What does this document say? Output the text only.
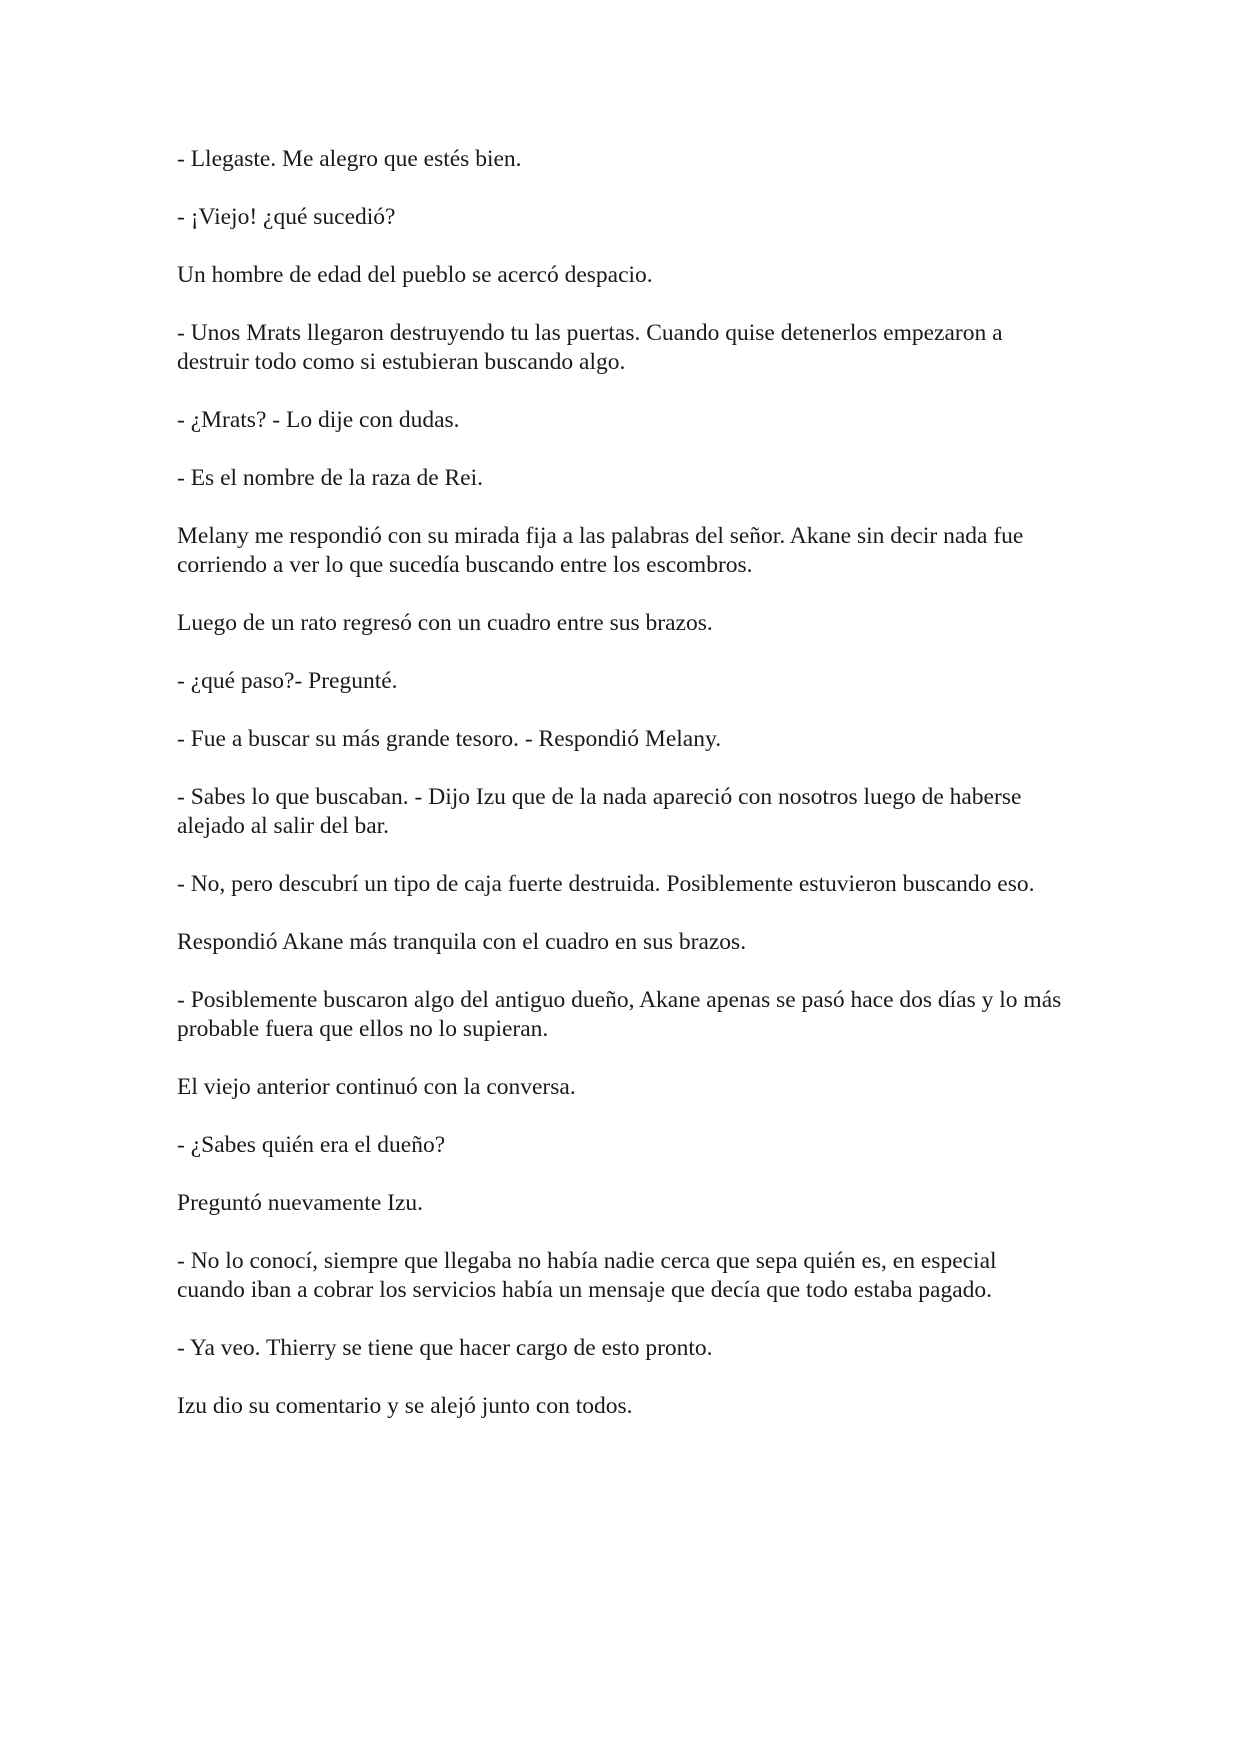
- Llegaste. Me alegro que estés bien.

- ¡Viejo! ¿qué sucedió?

Un hombre de edad del pueblo se acercó despacio.

- Unos Mrats llegaron destruyendo tu las puertas. Cuando quise detenerlos empezaron a destruir todo como si estubieran buscando algo.

- ¿Mrats? - Lo dije con dudas.

- Es el nombre de la raza de Rei.

Melany me respondió con su mirada fija a las palabras del señor. Akane sin decir nada fue corriendo a ver lo que sucedía buscando entre los escombros.

Luego de un rato regresó con un cuadro entre sus brazos.

- ¿qué paso?- Pregunté.

- Fue a buscar su más grande tesoro. - Respondió Melany.

- Sabes lo que buscaban. - Dijo Izu que de la nada apareció con nosotros luego de haberse alejado al salir del bar.

- No, pero descubrí un tipo de caja fuerte destruida. Posiblemente estuvieron buscando eso.

Respondió Akane más tranquila con el cuadro en sus brazos.

- Posiblemente buscaron algo del antiguo dueño, Akane apenas se pasó hace dos días y lo más probable fuera que ellos no lo supieran.

El viejo anterior continuó con la conversa.

- ¿Sabes quién era el dueño?

Preguntó nuevamente Izu.

- No lo conocí, siempre que llegaba no había nadie cerca que sepa quién es, en especial cuando iban a cobrar los servicios había un mensaje que decía que todo estaba pagado.

- Ya veo. Thierry se tiene que hacer cargo de esto pronto.

Izu dio su comentario y se alejó junto con todos.
